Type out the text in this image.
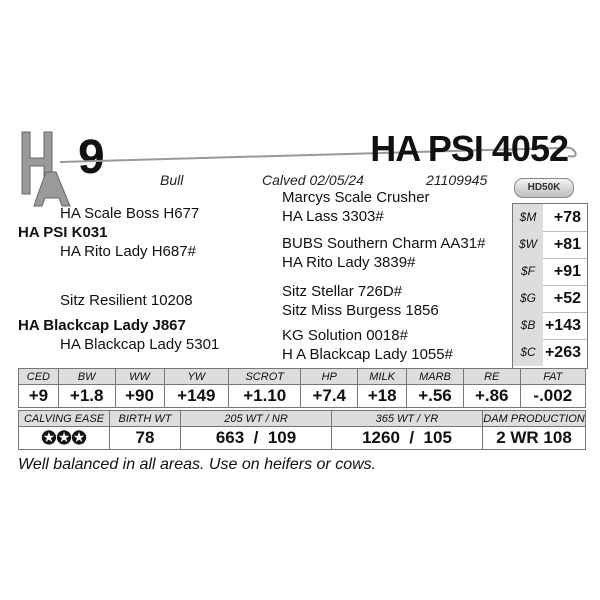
9	HA PSI 4052
Bull	Calved 02/05/24	21109945	HD50K
HA Scale Boss H677
HA PSI K031
HA Rito Lady H687#
Sitz Resilient 10208
HA Blackcap Lady J867
HA Blackcap Lady 5301
Marcys Scale Crusher
HA Lass 3303#
BUBS Southern Charm AA31#
HA Rito Lady 3839#
Sitz Stellar 726D#
Sitz Miss Burgess 1856
KG Solution 0018#
H A Blackcap Lady 1055#
$M	+78
$W	+81
$F	+91
$G	+52
$B +143
$C +263
CED	BW	WW	YW	SCROT	HP	MILK	MARB	RE	FAT
+9	+1.8	+90	+149	+1.10	+7.4	+18	+.56	+.86	-.002
CALVING EASE	BIRTH WT	205 WT / NR	365 WT / YR	DAM PRODUCTION
✪✪✪	78	663  /  109	1260  /  105	2 WR 108
Well balanced in all areas. Use on heifers or cows.
